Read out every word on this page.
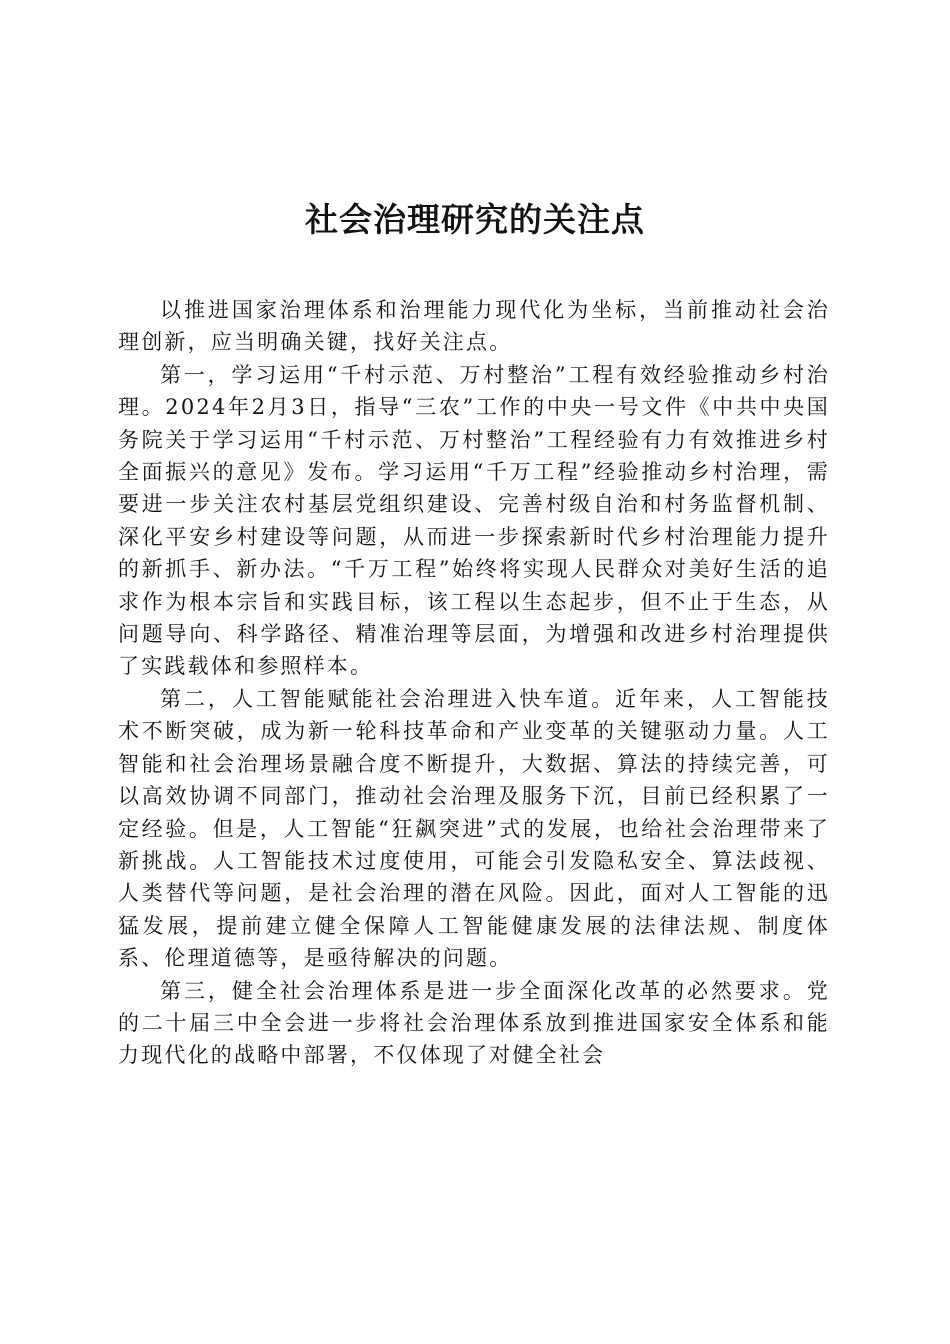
社会治理研究的关注点

以推进国家治理体系和治理能力现代化为坐标，当前推动社会治理创新，应当明确关键，找好关注点。

第一，学习运用“千村示范、万村整治”工程有效经验推动乡村治理。2024年2月3日，指导“三农”工作的中央一号文件《中共中央国务院关于学习运用“千村示范、万村整治”工程经验有力有效推进乡村全面振兴的意见》发布。学习运用“千万工程”经验推动乡村治理，需要进一步关注农村基层党组织建设、完善村级自治和村务监督机制、深化平安乡村建设等问题，从而进一步探索新时代乡村治理能力提升的新抓手、新办法。“千万工程”始终将实现人民群众对美好生活的追求作为根本宗旨和实践目标，该工程以生态起步，但不止于生态，从问题导向、科学路径、精准治理等层面，为增强和改进乡村治理提供了实践载体和参照样本。

第二，人工智能赋能社会治理进入快车道。近年来，人工智能技术不断突破，成为新一轮科技革命和产业变革的关键驱动力量。人工智能和社会治理场景融合度不断提升，大数据、算法的持续完善，可以高效协调不同部门，推动社会治理及服务下沉，目前已经积累了一定经验。但是，人工智能“狂飙突进”式的发展，也给社会治理带来了新挑战。人工智能技术过度使用，可能会引发隐私安全、算法歧视、人类替代等问题，是社会治理的潜在风险。因此，面对人工智能的迅猛发展，提前建立健全保障人工智能健康发展的法律法规、制度体系、伦理道德等，是亟待解决的问题。

第三，健全社会治理体系是进一步全面深化改革的必然要求。党的二十届三中全会进一步将社会治理体系放到推进国家安全体系和能力现代化的战略中部署，不仅体现了对健全社会
